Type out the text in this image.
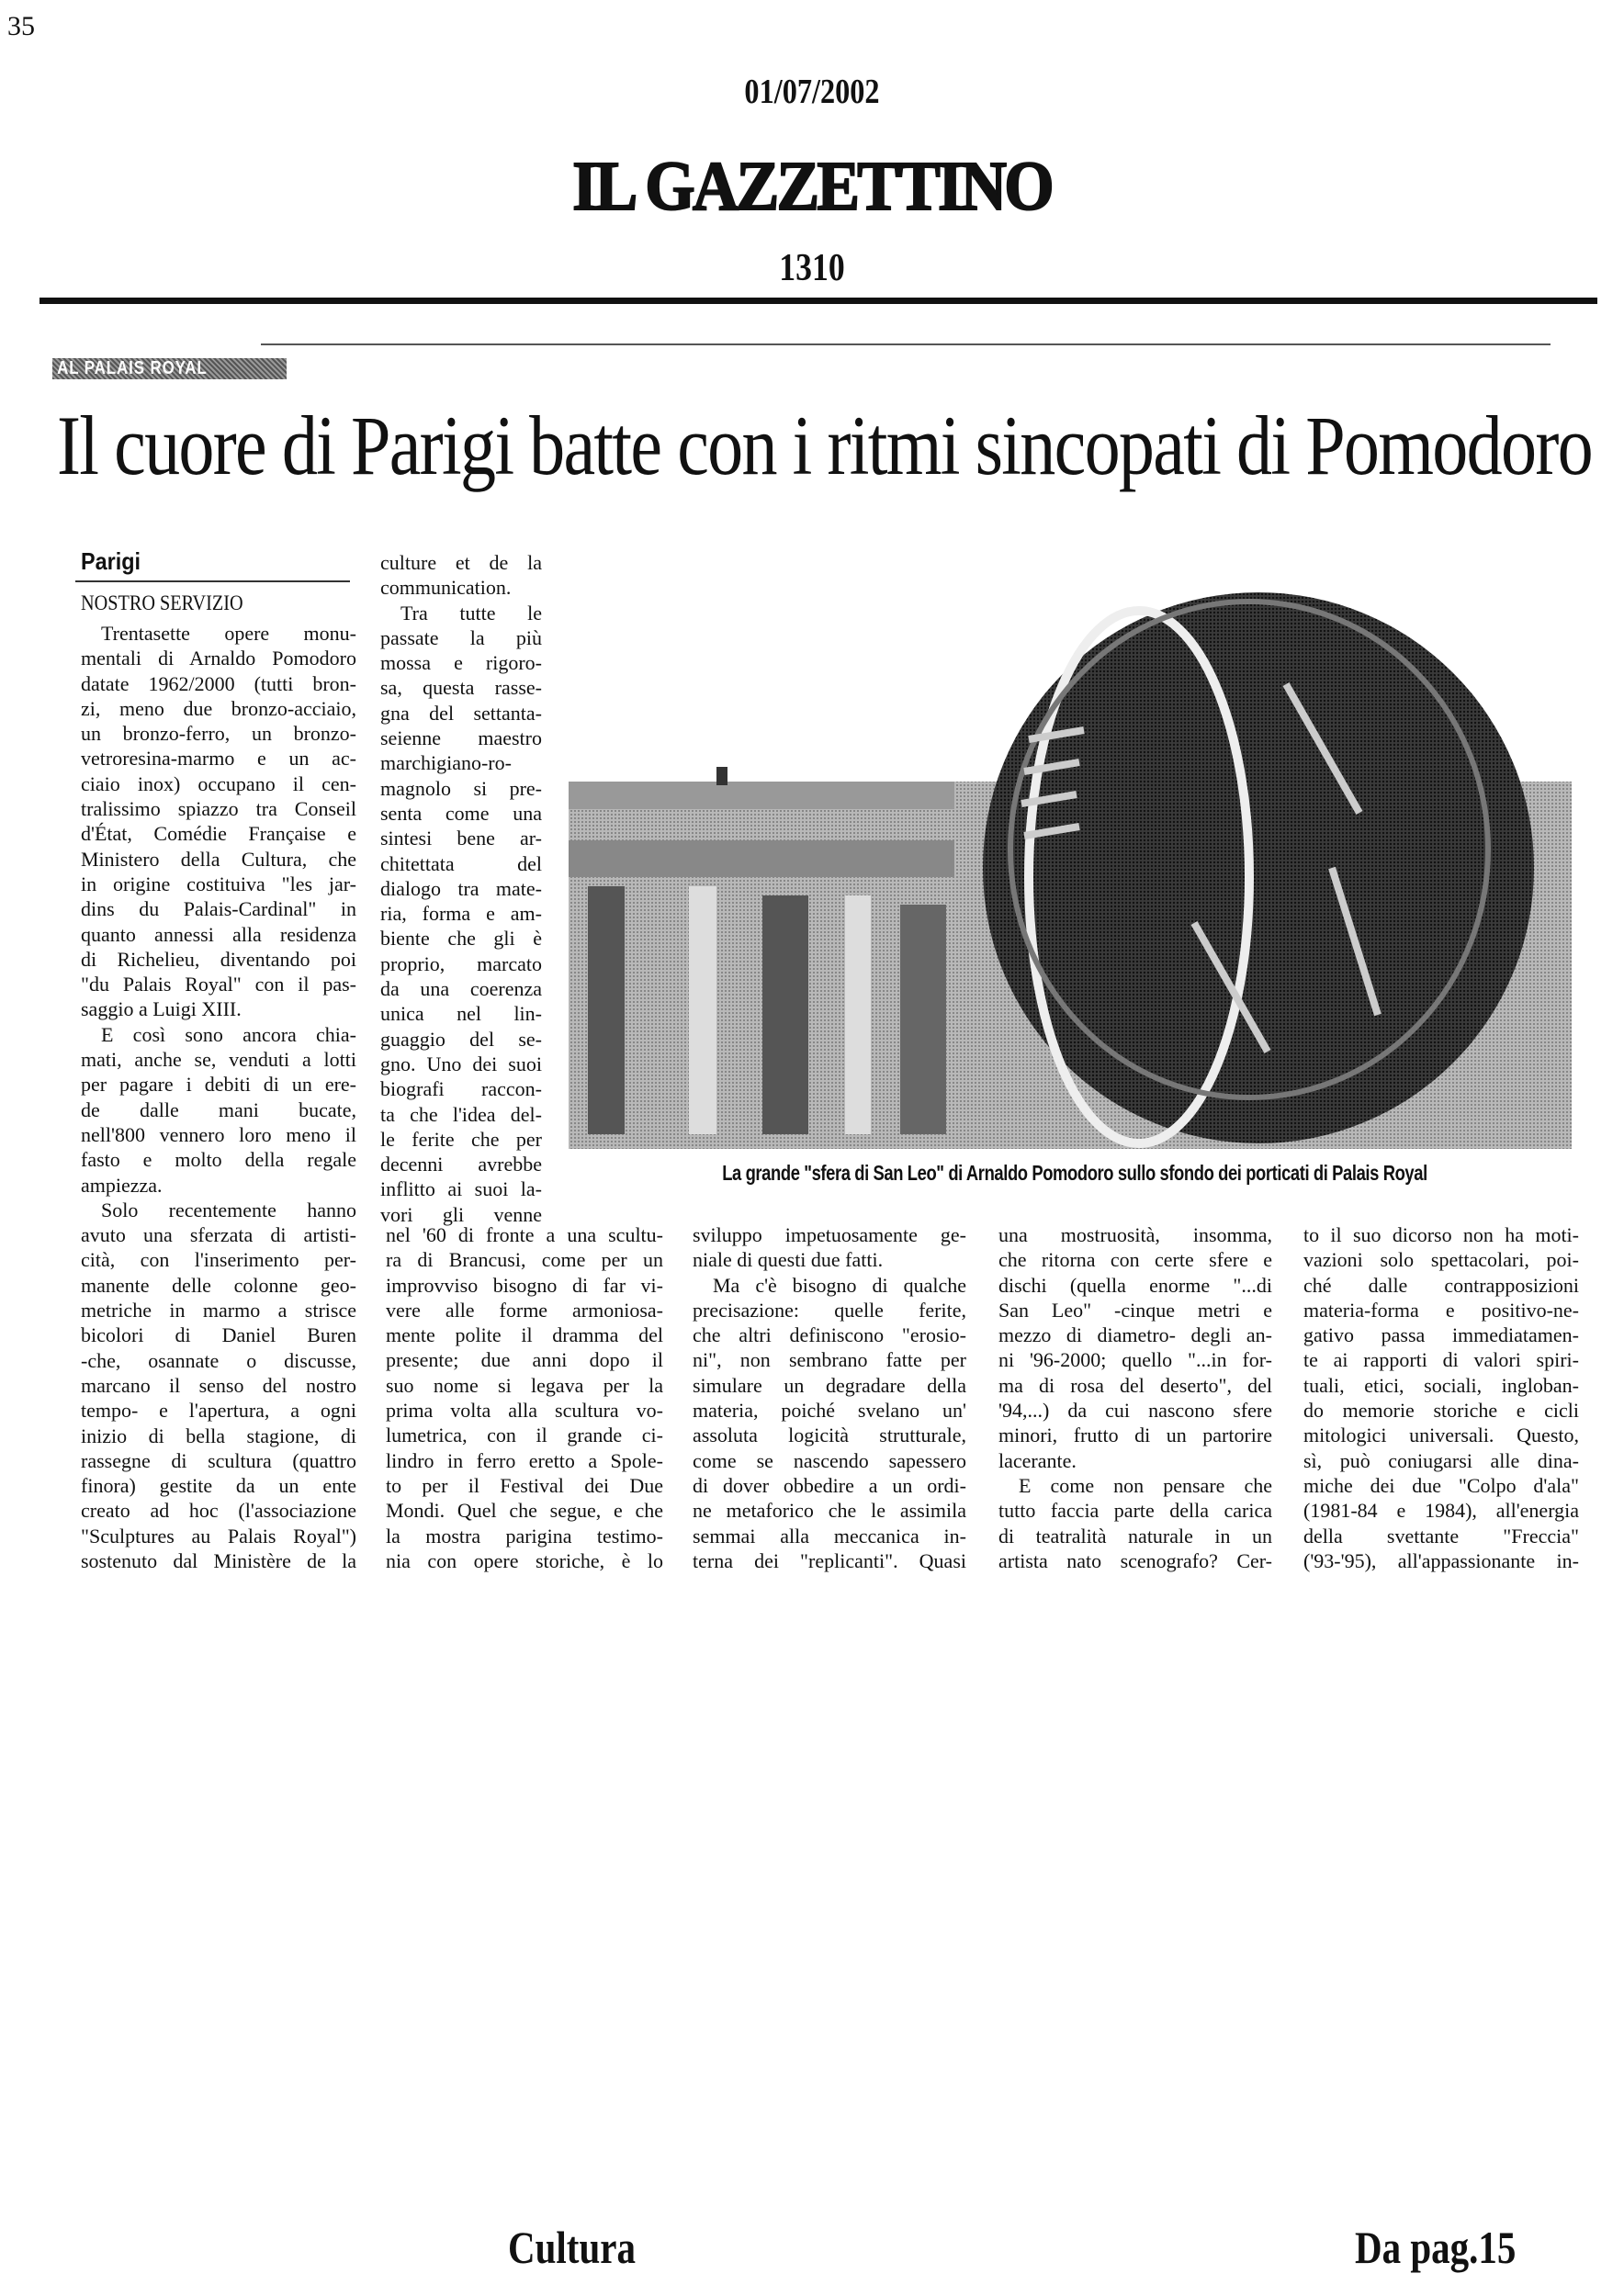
35
01/07/2002
IL GAZZETTINO
1310
AL PALAIS ROYAL
Il cuore di Parigi batte con i ritmi sincopati di Pomodoro
Parigi
NOSTRO SERVIZIO
Trentasette opere monu-
mentali di Arnaldo Pomodoro
datate 1962/2000 (tutti bron-
zi, meno due bronzo-acciaio,
un bronzo-ferro, un bronzo-
vetroresina-marmo e un ac-
ciaio inox) occupano il cen-
tralissimo spiazzo tra Conseil
d'État, Comédie Française e
Ministero della Cultura, che
in origine costituiva "les jar-
dins du Palais-Cardinal" in
quanto annessi alla residenza
di Richelieu, diventando poi
"du Palais Royal" con il pas-
saggio a Luigi XIII.
E così sono ancora chia-
mati, anche se, venduti a lotti
per pagare i debiti di un ere-
de dalle mani bucate,
nell'800 vennero loro meno il
fasto e molto della regale
ampiezza.
Solo recentemente hanno
avuto una sferzata di artisti-
cità, con l'inserimento per-
manente delle colonne geo-
metriche in marmo a strisce
bicolori di Daniel Buren
-che, osannate o discusse,
marcano il senso del nostro
tempo- e l'apertura, a ogni
inizio di bella stagione, di
rassegne di scultura (quattro
finora) gestite da un ente
creato ad hoc (l'associazione
"Sculptures au Palais Royal")
sostenuto dal Ministère de la
culture et de la
communication.
Tra tutte le
passate la più
mossa e rigoro-
sa, questa rasse-
gna del settanta-
seienne maestro
marchigiano-ro-
magnolo si pre-
senta come una
sintesi bene ar-
chitettata del
dialogo tra mate-
ria, forma e am-
biente che gli è
proprio, marcato
da una coerenza
unica nel lin-
guaggio del se-
gno. Uno dei suoi
biografi raccon-
ta che l'idea del-
le ferite che per
decenni avrebbe
inflitto ai suoi la-
vori gli venne
nel '60 di fronte a una scultu-
ra di Brancusi, come per un
improvviso bisogno di far vi-
vere alle forme armoniosa-
mente polite il dramma del
presente; due anni dopo il
suo nome si legava per la
prima volta alla scultura vo-
lumetrica, con il grande ci-
lindro in ferro eretto a Spole-
to per il Festival dei Due
Mondi. Quel che segue, e che
la mostra parigina testimo-
nia con opere storiche, è lo
sviluppo impetuosamente ge-
niale di questi due fatti.
Ma c'è bisogno di qualche
precisazione: quelle ferite,
che altri definiscono "erosio-
ni", non sembrano fatte per
simulare un degradare della
materia, poiché svelano un'
assoluta logicità strutturale,
come se nascendo sapessero
di dover obbedire a un ordi-
ne metaforico che le assimila
semmai alla meccanica in-
terna dei "replicanti". Quasi
una mostruosità, insomma,
che ritorna con certe sfere e
dischi (quella enorme "...di
San Leo" -cinque metri e
mezzo di diametro- degli an-
ni '96-2000; quello "...in for-
ma di rosa del deserto", del
'94,...) da cui nascono sfere
minori, frutto di un partorire
lacerante.
E come non pensare che
tutto faccia parte della carica
di teatralità naturale in un
artista nato scenografo? Cer-
to il suo dicorso non ha moti-
vazioni solo spettacolari, poi-
ché dalle contrapposizioni
materia-forma e positivo-ne-
gativo passa immediatamen-
te ai rapporti di valori spiri-
tuali, etici, sociali, ingloban-
do memorie storiche e cicli
mitologici universali. Questo,
sì, può coniugarsi alle dina-
miche dei due "Colpo d'ala"
(1981-84 e 1984), all'energia
della svettante "Freccia"
('93-'95), all'appassionante in-
La grande "sfera di San Leo" di Arnaldo Pomodoro sullo sfondo dei porticati di Palais Royal
Cultura	Da pag.15
